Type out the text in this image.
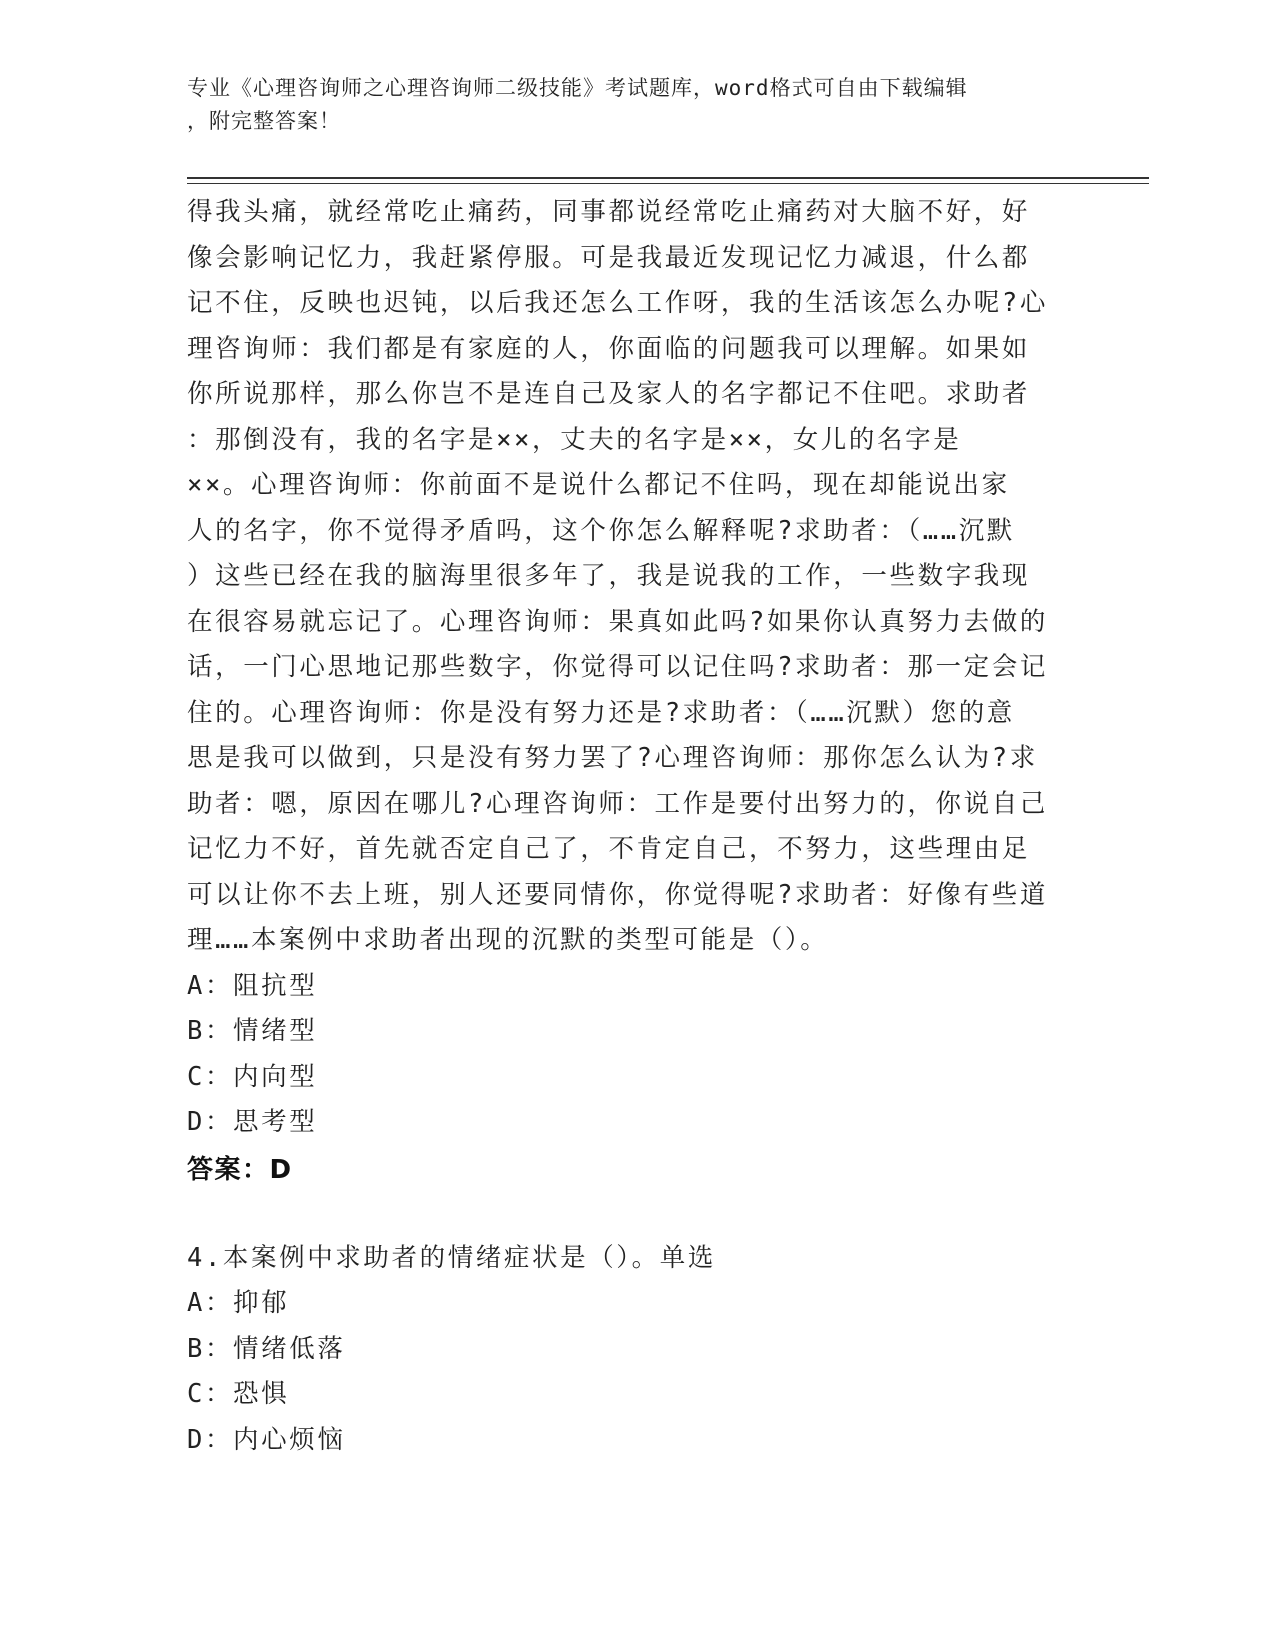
专业《心理咨询师之心理咨询师二级技能》考试题库，word格式可自由下载编辑
，附完整答案！
得我头痛，就经常吃止痛药，同事都说经常吃止痛药对大脑不好，好
像会影响记忆力，我赶紧停服。可是我最近发现记忆力减退，什么都
记不住，反映也迟钝，以后我还怎么工作呀，我的生活该怎么办呢?心
理咨询师：我们都是有家庭的人，你面临的问题我可以理解。如果如
你所说那样，那么你岂不是连自己及家人的名字都记不住吧。求助者
：那倒没有，我的名字是××，丈夫的名字是××，女儿的名字是
××。心理咨询师：你前面不是说什么都记不住吗，现在却能说出家
人的名字，你不觉得矛盾吗，这个你怎么解释呢?求助者：（……沉默
）这些已经在我的脑海里很多年了，我是说我的工作，一些数字我现
在很容易就忘记了。心理咨询师：果真如此吗?如果你认真努力去做的
话，一门心思地记那些数字，你觉得可以记住吗?求助者：那一定会记
住的。心理咨询师：你是没有努力还是?求助者：（……沉默）您的意
思是我可以做到，只是没有努力罢了?心理咨询师：那你怎么认为?求
助者：嗯，原因在哪儿?心理咨询师：工作是要付出努力的，你说自己
记忆力不好，首先就否定自己了，不肯定自己，不努力，这些理由足
可以让你不去上班，别人还要同情你，你觉得呢?求助者：好像有些道
理……本案例中求助者出现的沉默的类型可能是（）。
A：阻抗型
B：情绪型
C：内向型
D：思考型
答案：D
4.本案例中求助者的情绪症状是（）。单选
A：抑郁
B：情绪低落
C：恐惧
D：内心烦恼
